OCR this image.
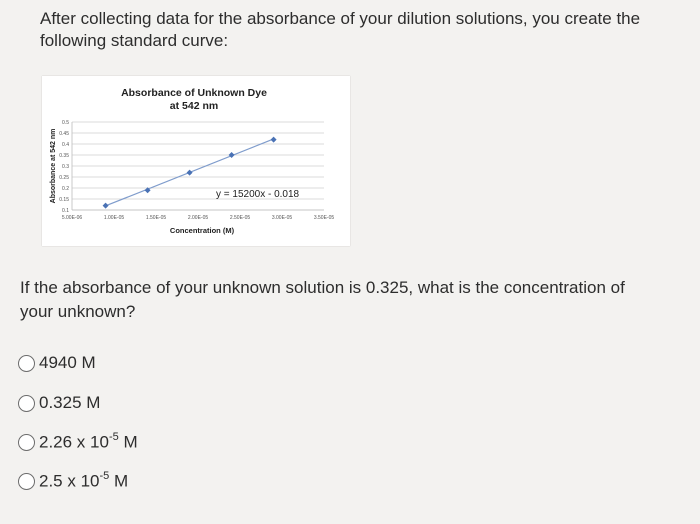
After collecting data for the absorbance of your dilution solutions, you create the following standard curve:

Absorbance of Unknown Dye
at 542 nm
0.1
0.15
0.2
0.25
0.3
0.35
0.4
0.45
0.5
5.00E-06	1.00E-05	1.50E-05	2.00E-05	2.50E-05	3.00E-05	3.50E-05
Concentration (M)
Absorbance at 542 nm	y = 15200x - 0.018

If the absorbance of your unknown solution is 0.325, what is the concentration of
your unknown?

4940 M
0.325 M
2.26 x $10^{-5}$ M
2.5 x $10^{-5}$ M
